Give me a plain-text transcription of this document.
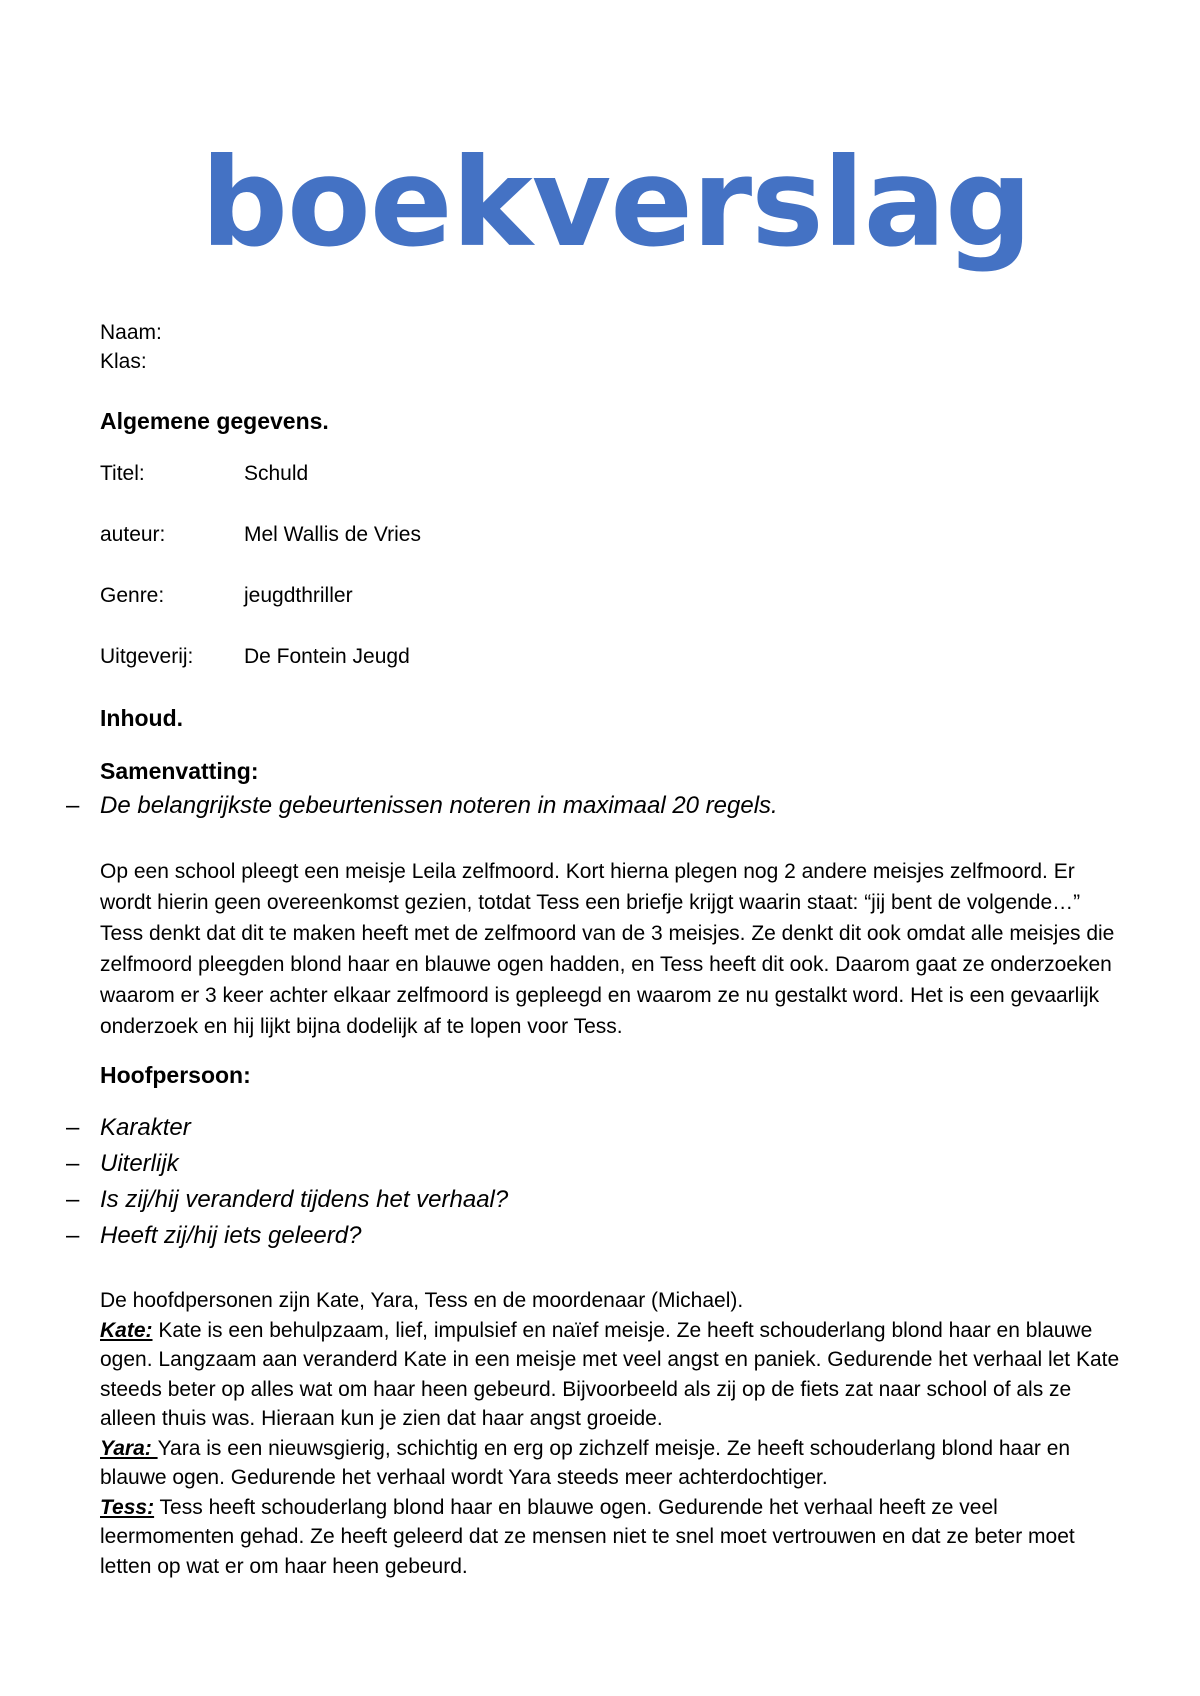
boekverslag
Naam:
Klas:
Algemene gegevens.
Titel:	Schuld
auteur:	Mel Wallis de Vries
Genre:	jeugdthriller
Uitgeverij: De Fontein Jeugd
Inhoud.
Samenvatting:
– De belangrijkste gebeurtenissen noteren in maximaal 20 regels.
Op een school pleegt een meisje Leila zelfmoord. Kort hierna plegen nog 2 andere meisjes zelfmoord. Er wordt hierin geen overeenkomst gezien, totdat Tess een briefje krijgt waarin staat: “jij bent de volgende…” Tess denkt dat dit te maken heeft met de zelfmoord van de 3 meisjes. Ze denkt dit ook omdat alle meisjes die zelfmoord pleegden blond haar en blauwe ogen hadden, en Tess heeft dit ook. Daarom gaat ze onderzoeken waarom er 3 keer achter elkaar zelfmoord is gepleegd en waarom ze nu gestalkt word. Het is een gevaarlijk onderzoek en hij lijkt bijna dodelijk af te lopen voor Tess.
Hoofpersoon:
– Karakter
– Uiterlijk
– Is zij/hij veranderd tijdens het verhaal?
– Heeft zij/hij iets geleerd?
De hoofdpersonen zijn Kate, Yara, Tess en de moordenaar (Michael).
Kate: Kate is een behulpzaam, lief, impulsief en naïef meisje. Ze heeft schouderlang blond haar en blauwe ogen. Langzaam aan veranderd Kate in een meisje met veel angst en paniek. Gedurende het verhaal let Kate steeds beter op alles wat om haar heen gebeurd. Bijvoorbeeld als zij op de fiets zat naar school of als ze alleen thuis was. Hieraan kun je zien dat haar angst groeide.
Yara: Yara is een nieuwsgierig, schichtig en erg op zichzelf meisje. Ze heeft schouderlang blond haar en blauwe ogen. Gedurende het verhaal wordt Yara steeds meer achterdochtiger.
Tess: Tess heeft schouderlang blond haar en blauwe ogen. Gedurende het verhaal heeft ze veel leermomenten gehad. Ze heeft geleerd dat ze mensen niet te snel moet vertrouwen en dat ze beter moet letten op wat er om haar heen gebeurd.
